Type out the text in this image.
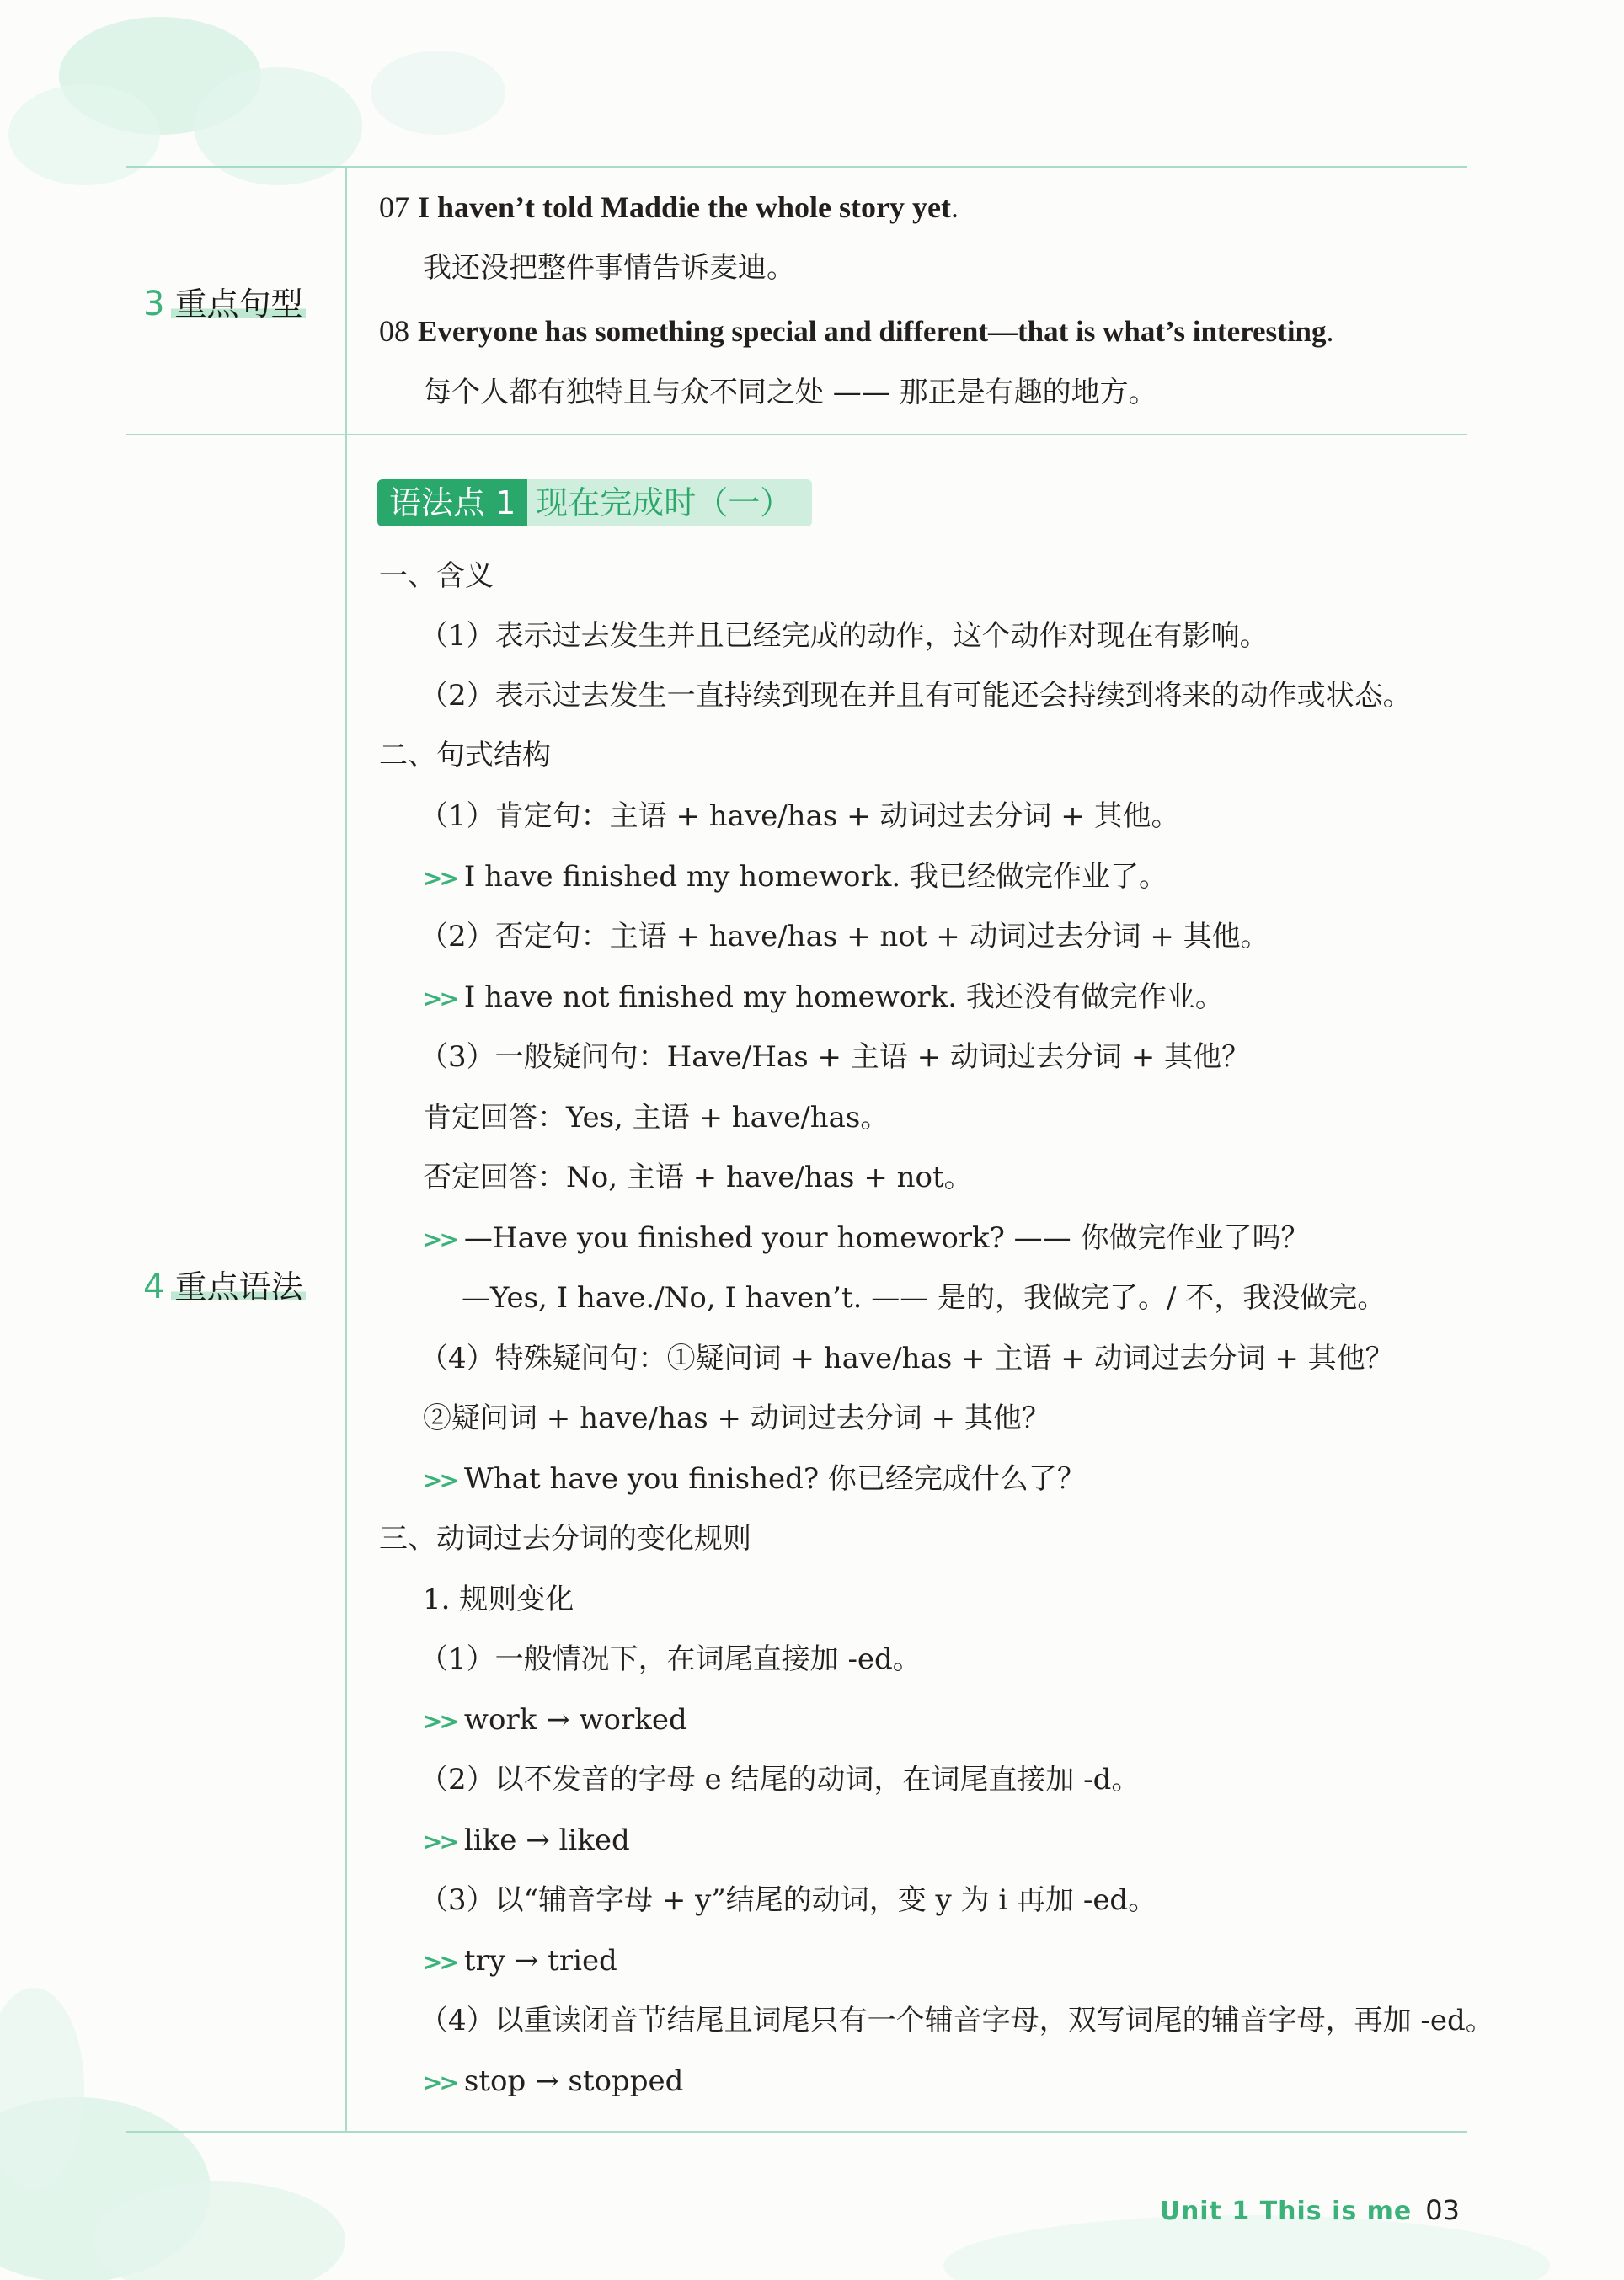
3 重点句型
4 重点语法
07 I haven’t told Maddie the whole story yet.
我还没把整件事情告诉麦迪。
08 Everyone has something special and different—that is what’s interesting.
每个人都有独特且与众不同之处 —— 那正是有趣的地方。
语法点 1 现在完成时（一）
一、含义
（1）表示过去发生并且已经完成的动作，这个动作对现在有影响。
（2）表示过去发生一直持续到现在并且有可能还会持续到将来的动作或状态。
二、句式结构
（1）肯定句：主语 + have/has + 动词过去分词 + 其他。
>> I have finished my homework. 我已经做完作业了。
（2）否定句：主语 + have/has + not + 动词过去分词 + 其他。
>> I have not finished my homework. 我还没有做完作业。
（3）一般疑问句：Have/Has + 主语 + 动词过去分词 + 其他？
肯定回答：Yes, 主语 + have/has。
否定回答：No, 主语 + have/has + not。
>> —Have you finished your homework? —— 你做完作业了吗？
—Yes, I have./No, I haven’t. —— 是的，我做完了。/ 不，我没做完。
（4）特殊疑问句：①疑问词 + have/has + 主语 + 动词过去分词 + 其他？
②疑问词 + have/has + 动词过去分词 + 其他？
>> What have you finished? 你已经完成什么了？
三、动词过去分词的变化规则
1. 规则变化
（1）一般情况下，在词尾直接加 -ed。
>> work → worked
（2）以不发音的字母 e 结尾的动词，在词尾直接加 -d。
>> like → liked
（3）以“辅音字母 + y”结尾的动词，变 y 为 i 再加 -ed。
>> try → tried
（4）以重读闭音节结尾且词尾只有一个辅音字母，双写词尾的辅音字母，再加 -ed。
>> stop → stopped
Unit 1 This is me 03
